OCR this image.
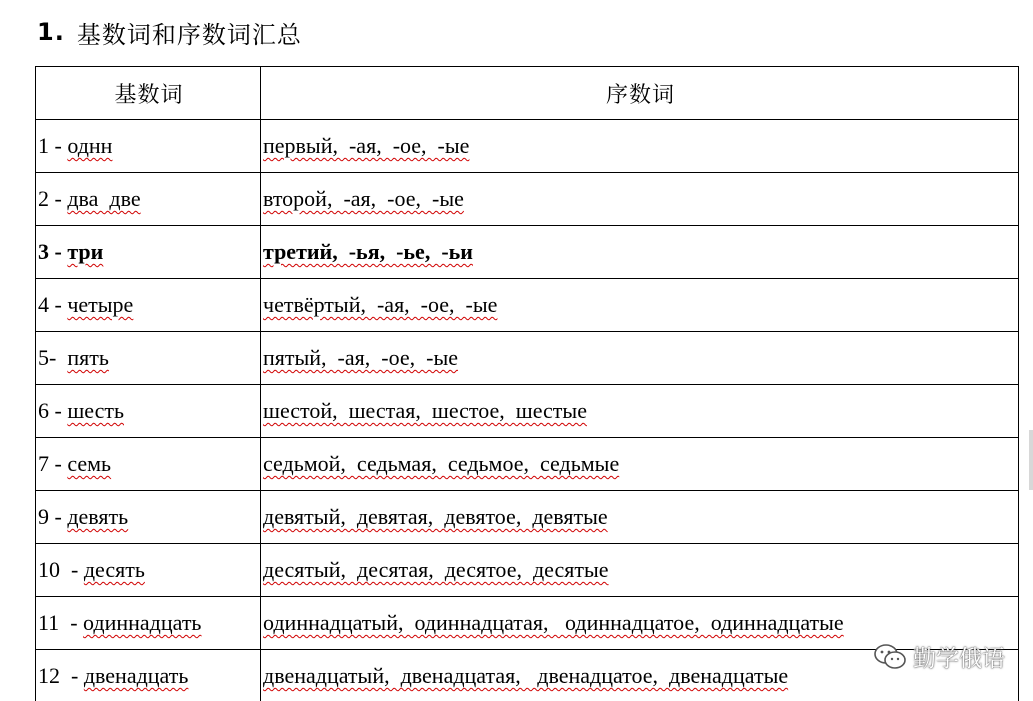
1. 基数词和序数词汇总
基数词	序数词
1 - однн	первый,  -ая,  -ое,  -ые
2 - два  две	второй,  -ая,  -ое,  -ые
3 - три	третий,  -ья,  -ье,  -ьи
4 - четыре	четвёртый,  -ая,  -ое,  -ые
5- пять	пятый,  -ая,  -ое,  -ые
6 - шесть	шестой,  шестая,  шестое,  шестые
7 - семь	седьмой,  седьмая,  седьмое,  седьмые
9 - девять	девятый,  девятая,  девятое,  девятые
10  - десять	десятый,  десятая,  десятое,  десятые
11  - одиннадцать	одиннадцатый,  одиннадцатая,   одиннадцатое,  одиннадцатые
12  - двенадцать	двенадцатый,  двенадцатая,   двенадцатое,  двенадцатые
勤学俄语
